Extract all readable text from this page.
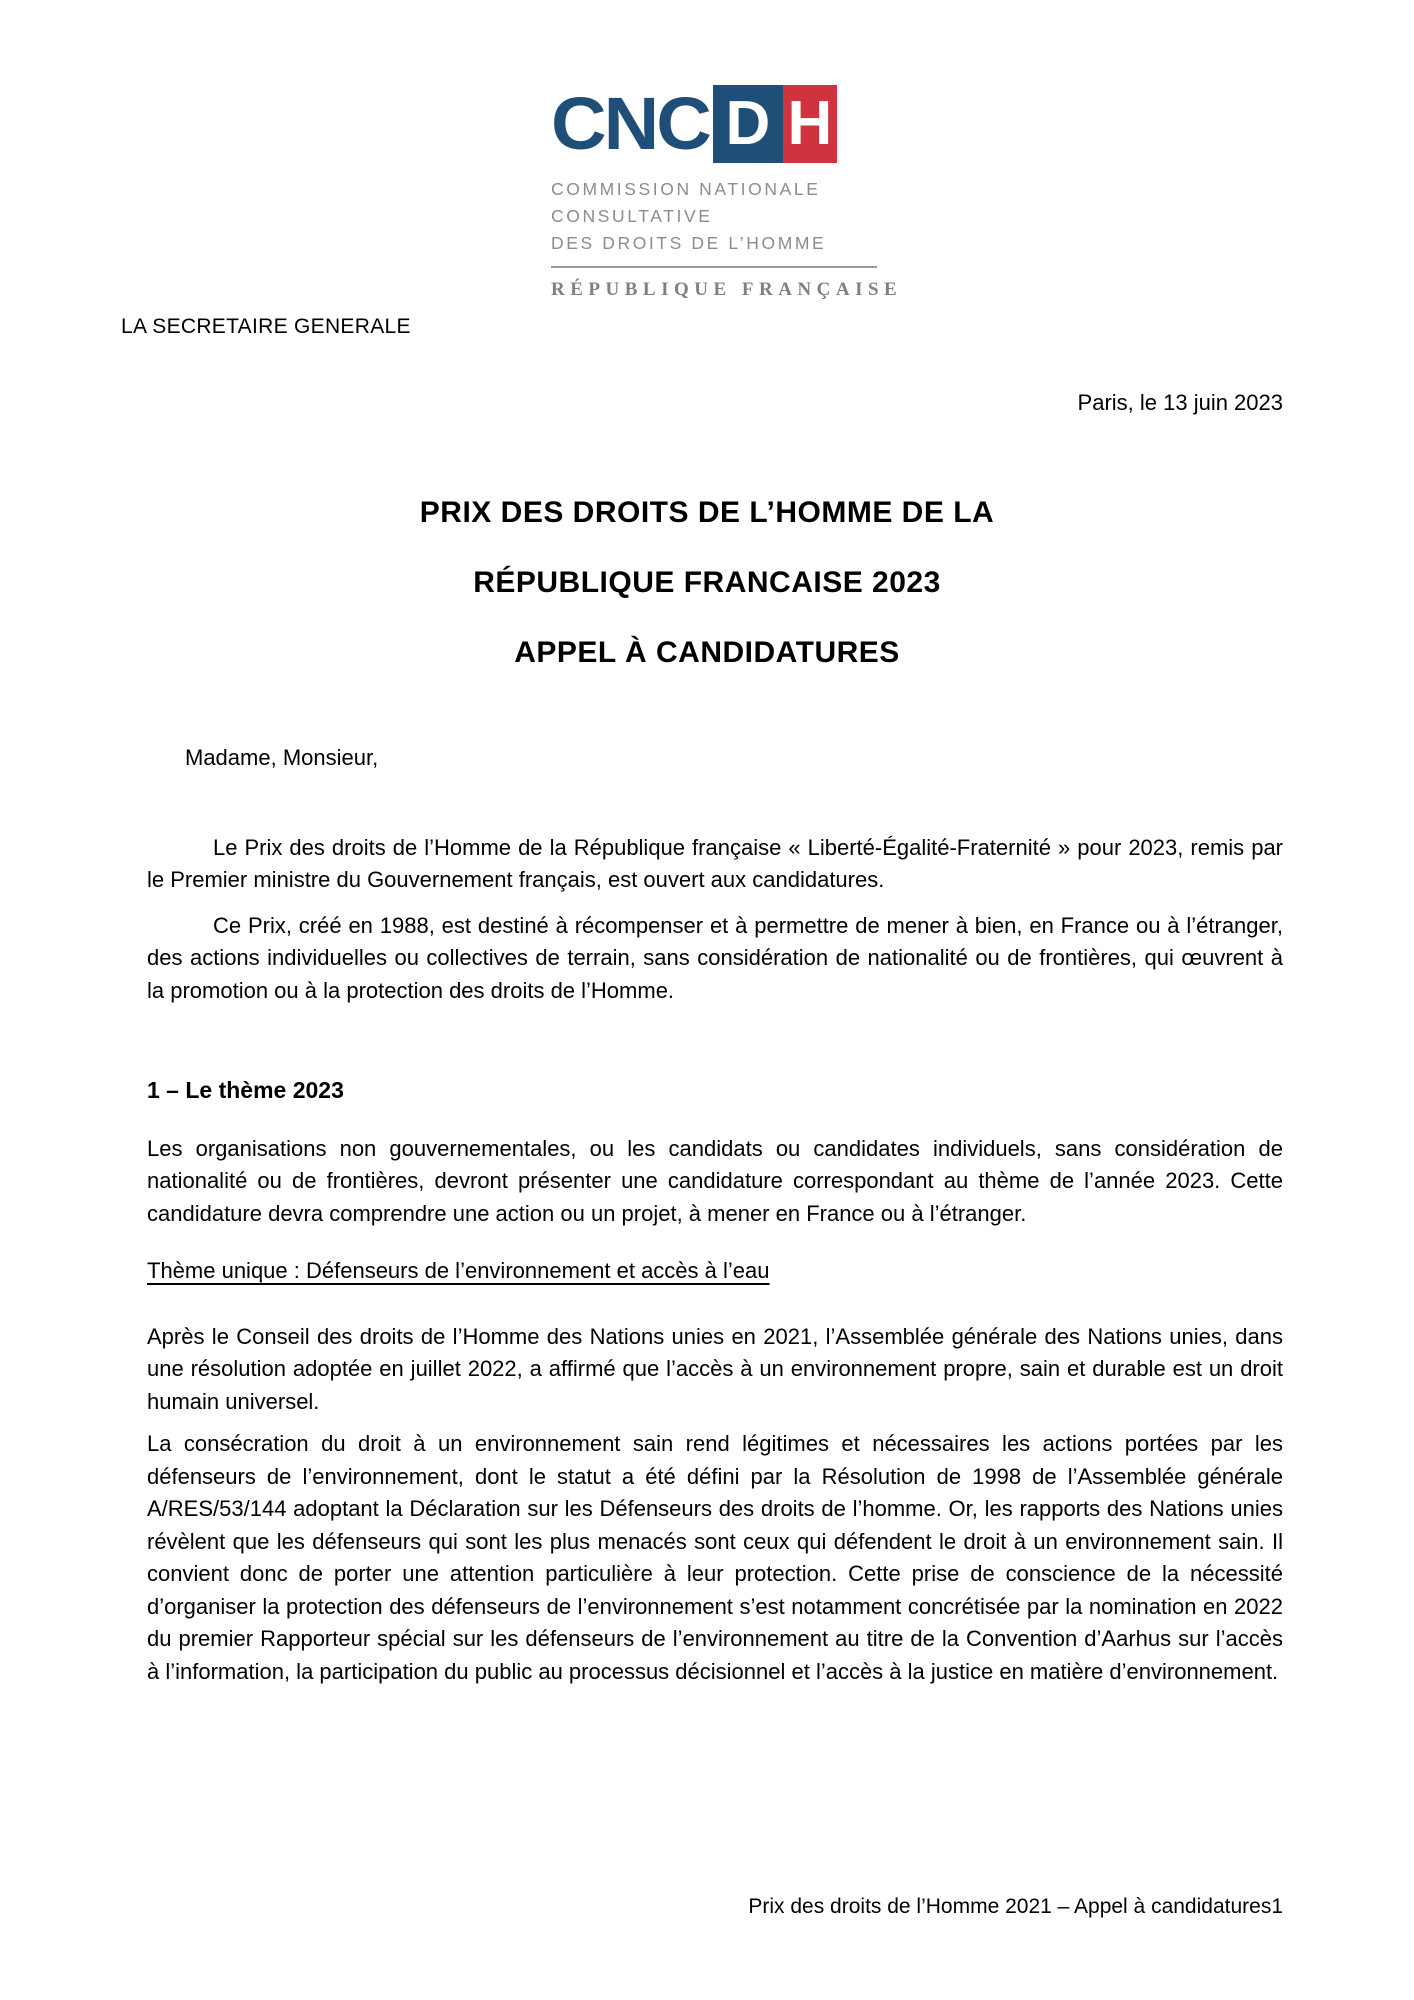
CNC D H
COMMISSION NATIONALE
CONSULTATIVE
DES DROITS DE L’HOMME
RÉPUBLIQUE FRANÇAISE
LA SECRETAIRE GENERALE
Paris, le 13 juin 2023
PRIX DES DROITS DE L’HOMME DE LA
RÉPUBLIQUE FRANCAISE 2023
APPEL À CANDIDATURES

Madame, Monsieur,

Le Prix des droits de l’Homme de la République française « Liberté-Égalité-Fraternité » pour 2023, remis par le Premier ministre du Gouvernement français, est ouvert aux candidatures.

Ce Prix, créé en 1988, est destiné à récompenser et à permettre de mener à bien, en France ou à l’étranger, des actions individuelles ou collectives de terrain, sans considération de nationalité ou de frontières, qui œuvrent à la promotion ou à la protection des droits de l’Homme.

1 – Le thème 2023

Les organisations non gouvernementales, ou les candidats ou candidates individuels, sans considération de nationalité ou de frontières, devront présenter une candidature correspondant au thème de l’année 2023. Cette candidature devra comprendre une action ou un projet, à mener en France ou à l’étranger.

Thème unique : Défenseurs de l’environnement et accès à l’eau

Après le Conseil des droits de l’Homme des Nations unies en 2021, l’Assemblée générale des Nations unies, dans une résolution adoptée en juillet 2022, a affirmé que l’accès à un environnement propre, sain et durable est un droit humain universel.

La consécration du droit à un environnement sain rend légitimes et nécessaires les actions portées par les défenseurs de l’environnement, dont le statut a été défini par la Résolution de 1998 de l’Assemblée générale A/RES/53/144 adoptant la Déclaration sur les Défenseurs des droits de l’homme. Or, les rapports des Nations unies révèlent que les défenseurs qui sont les plus menacés sont ceux qui défendent le droit à un environnement sain. Il convient donc de porter une attention particulière à leur protection. Cette prise de conscience de la nécessité d’organiser la protection des défenseurs de l’environnement s’est notamment concrétisée par la nomination en 2022 du premier Rapporteur spécial sur les défenseurs de l’environnement au titre de la Convention d’Aarhus sur l’accès à l’information, la participation du public au processus décisionnel et l’accès à la justice en matière d’environnement.

Prix des droits de l’Homme 2021 – Appel à candidatures1
